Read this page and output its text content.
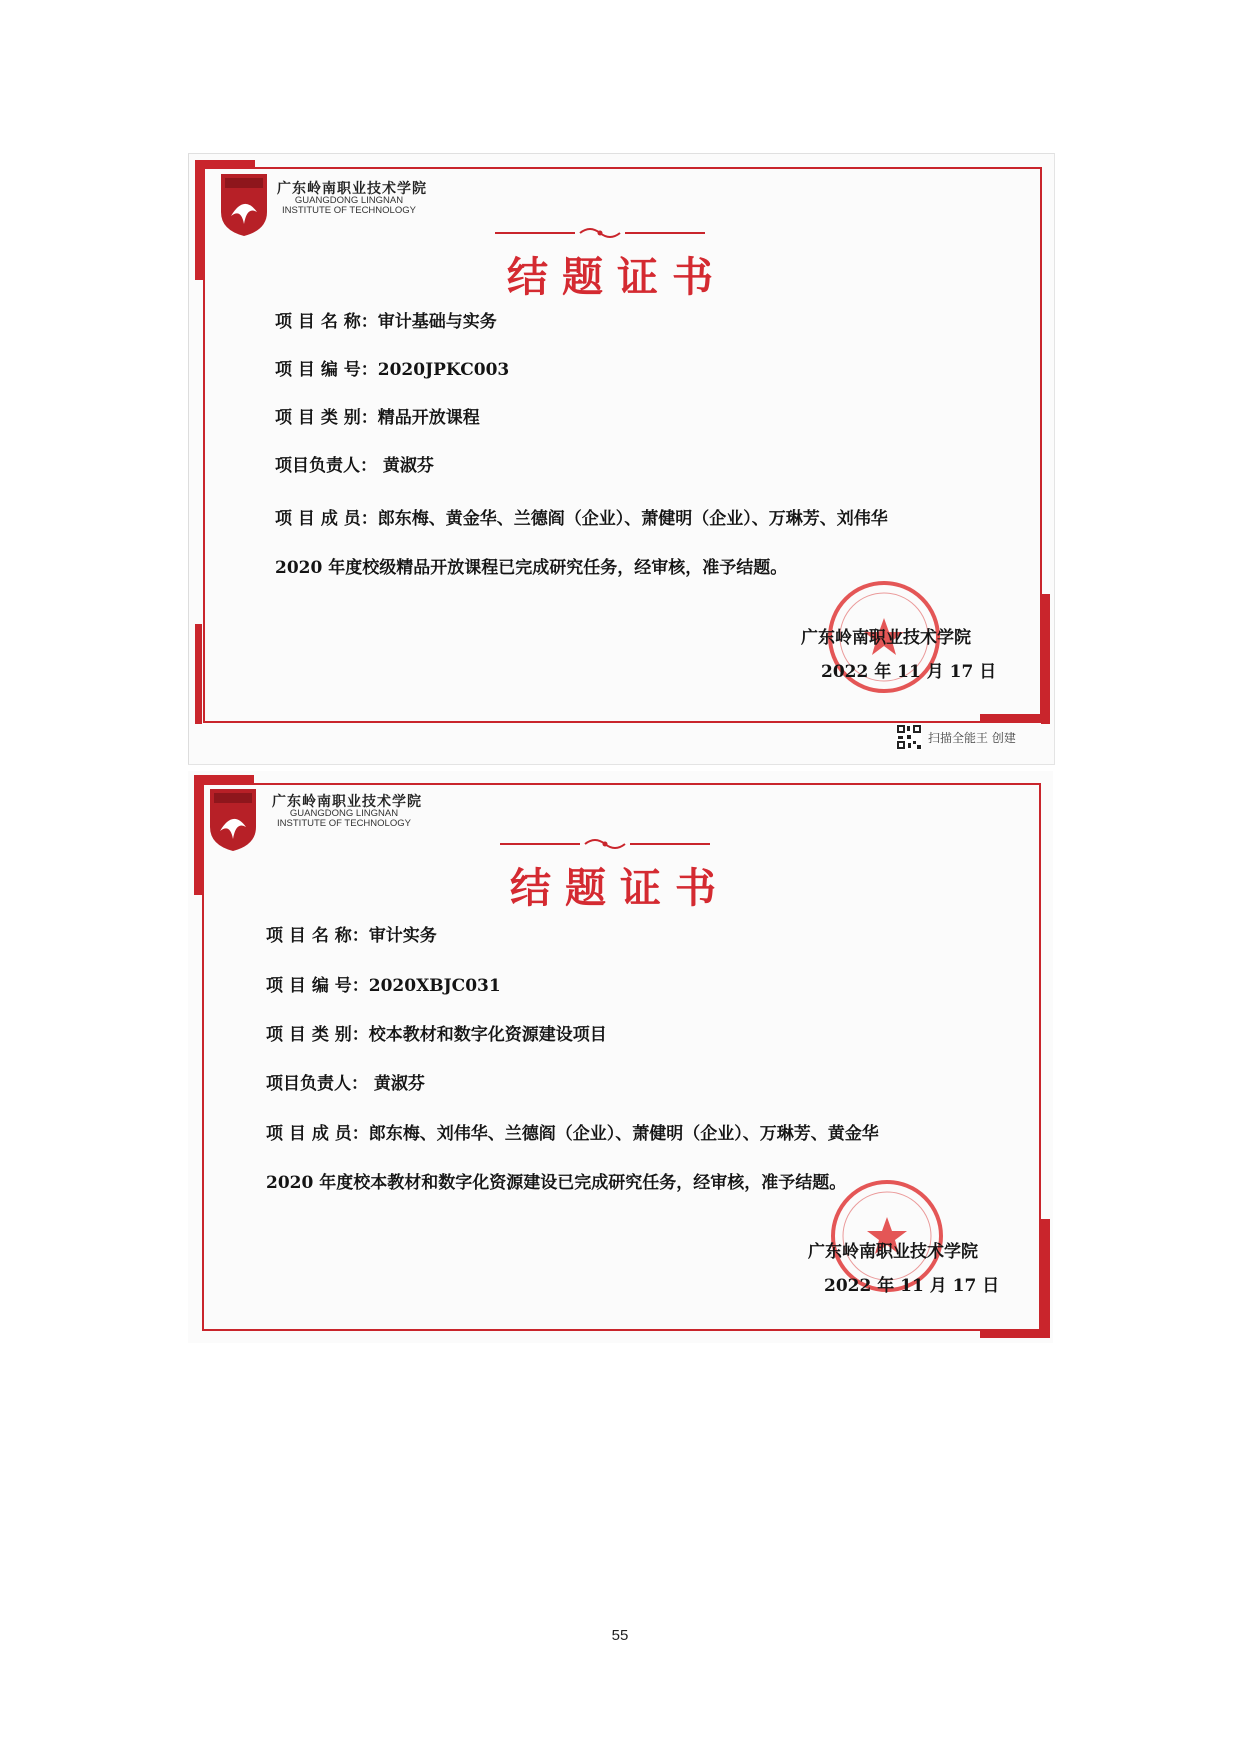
广东岭南职业技术学院
GUANGDONG LINGNAN
INSTITUTE OF TECHNOLOGY
结题证书
项 目 名 称：审计基础与实务
项 目 编 号：2020JPKC003
项 目 类 别：精品开放课程
项目负责人： 黄淑芬
项 目 成 员：郎东梅、黄金华、兰德阎（企业）、萧健明（企业）、万琳芳、刘伟华
2020 年度校级精品开放课程已完成研究任务，经审核，准予结题。
广东岭南职业技术学院
2022 年 11 月 17 日
扫描全能王 创建
广东岭南职业技术学院
GUANGDONG LINGNAN
INSTITUTE OF TECHNOLOGY
结题证书
项 目 名 称：审计实务
项 目 编 号：2020XBJC031
项 目 类 别：校本教材和数字化资源建设项目
项目负责人： 黄淑芬
项 目 成 员：郎东梅、刘伟华、兰德阎（企业）、萧健明（企业）、万琳芳、黄金华
2020 年度校本教材和数字化资源建设已完成研究任务，经审核，准予结题。
广东岭南职业技术学院
2022 年 11 月 17 日
55
